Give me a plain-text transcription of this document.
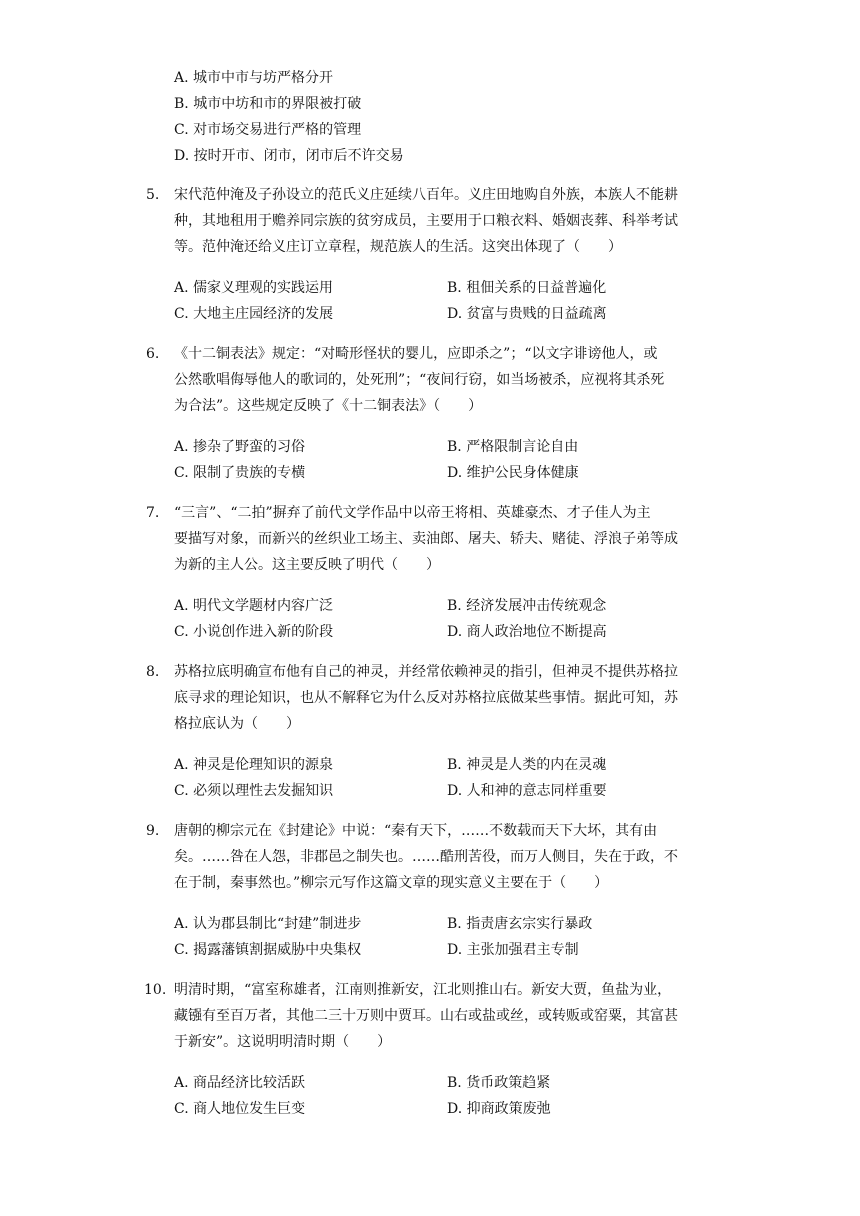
A. 城市中市与坊严格分开
B. 城市中坊和市的界限被打破
C. 对市场交易进行严格的管理
D. 按时开市、闭市，闭市后不许交易
5. 宋代范仲淹及子孙设立的范氏义庄延续八百年。义庄田地购自外族，本族人不能耕
种，其地租用于赡养同宗族的贫穷成员，主要用于口粮衣料、婚姻丧葬、科举考试
等。范仲淹还给义庄订立章程，规范族人的生活。这突出体现了（　　）
A. 儒家义理观的实践运用	B. 租佃关系的日益普遍化
C. 大地主庄园经济的发展	D. 贫富与贵贱的日益疏离
6. 《十二铜表法》规定：“对畸形怪状的婴儿，应即杀之”；“以文字诽谤他人，或
公然歌唱侮辱他人的歌词的，处死刑”；“夜间行窃，如当场被杀，应视将其杀死
为合法”。这些规定反映了《十二铜表法》（　　）
A. 掺杂了野蛮的习俗	B. 严格限制言论自由
C. 限制了贵族的专横	D. 维护公民身体健康
7. “三言”、“二拍”摒弃了前代文学作品中以帝王将相、英雄豪杰、才子佳人为主
要描写对象，而新兴的丝织业工场主、卖油郎、屠夫、轿夫、赌徒、浮浪子弟等成
为新的主人公。这主要反映了明代（　　）
A. 明代文学题材内容广泛	B. 经济发展冲击传统观念
C. 小说创作进入新的阶段	D. 商人政治地位不断提高
8. 苏格拉底明确宣布他有自己的神灵，并经常依赖神灵的指引，但神灵不提供苏格拉
底寻求的理论知识，也从不解释它为什么反对苏格拉底做某些事情。据此可知，苏
格拉底认为（　　）
A. 神灵是伦理知识的源泉	B. 神灵是人类的内在灵魂
C. 必须以理性去发掘知识	D. 人和神的意志同样重要
9. 唐朝的柳宗元在《封建论》中说：“秦有天下，……不数载而天下大坏，其有由
矣。……咎在人怨，非郡邑之制失也。……酷刑苦役，而万人侧目，失在于政，不
在于制，秦事然也。”柳宗元写作这篇文章的现实意义主要在于（　　）
A. 认为郡县制比“封建”制进步	B. 指责唐玄宗实行暴政
C. 揭露藩镇割据威胁中央集权	D. 主张加强君主专制
10. 明清时期，“富室称雄者，江南则推新安，江北则推山右。新安大贾，鱼盐为业，
藏镪有至百万者，其他二三十万则中贾耳。山右或盐或丝，或转贩或窑粟，其富甚
于新安”。这说明明清时期（　　）
A. 商品经济比较活跃	B. 货币政策趋紧
C. 商人地位发生巨变	D. 抑商政策废弛
